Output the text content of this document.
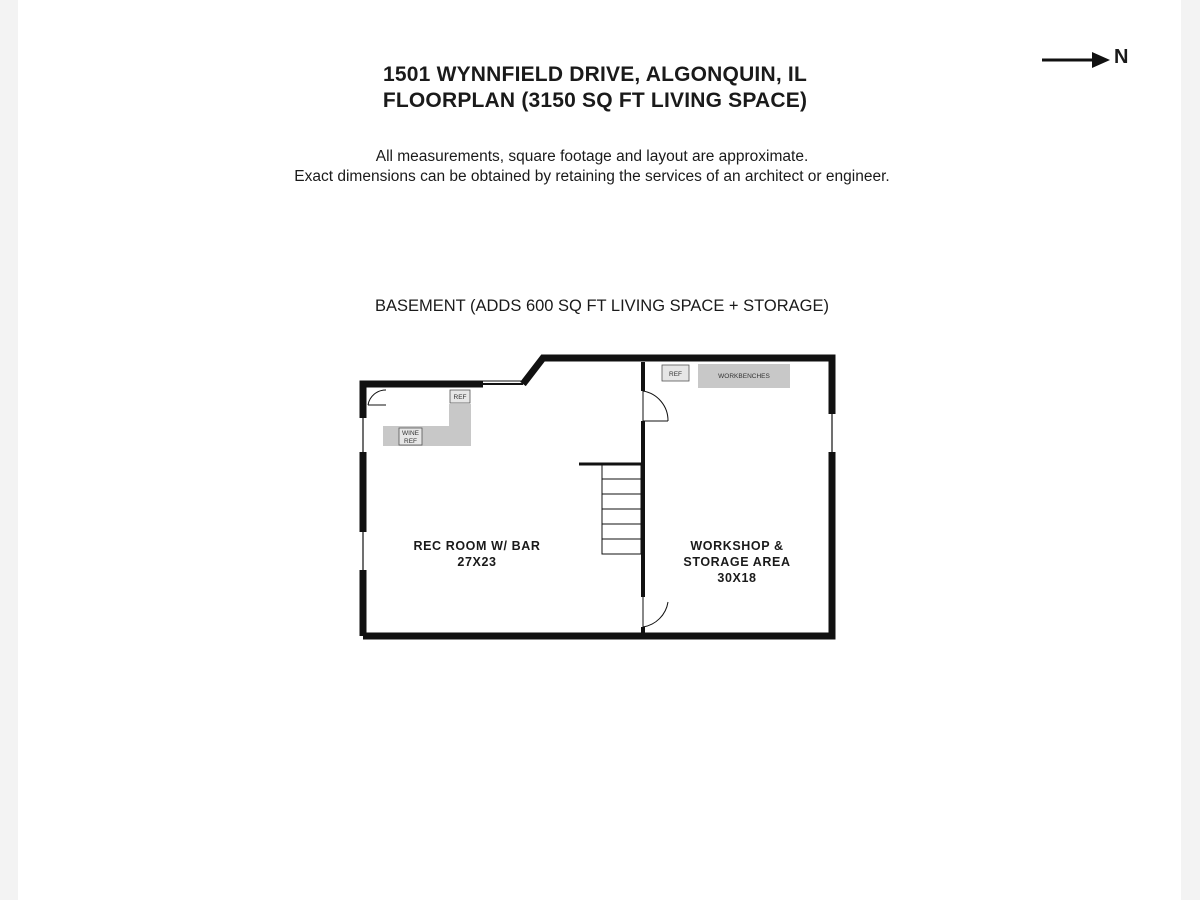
1501 WYNNFIELD DRIVE, ALGONQUIN, IL
FLOORPLAN (3150 SQ FT LIVING SPACE)
All measurements, square footage and layout are approximate.
Exact dimensions can be obtained by retaining the services of an architect or engineer.
N
BASEMENT (ADDS 600 SQ FT LIVING SPACE + STORAGE)
REF
WINE
REF
REF	WORKBENCHES
REC ROOM W/ BAR
27X23
WORKSHOP &
STORAGE AREA
30X18
